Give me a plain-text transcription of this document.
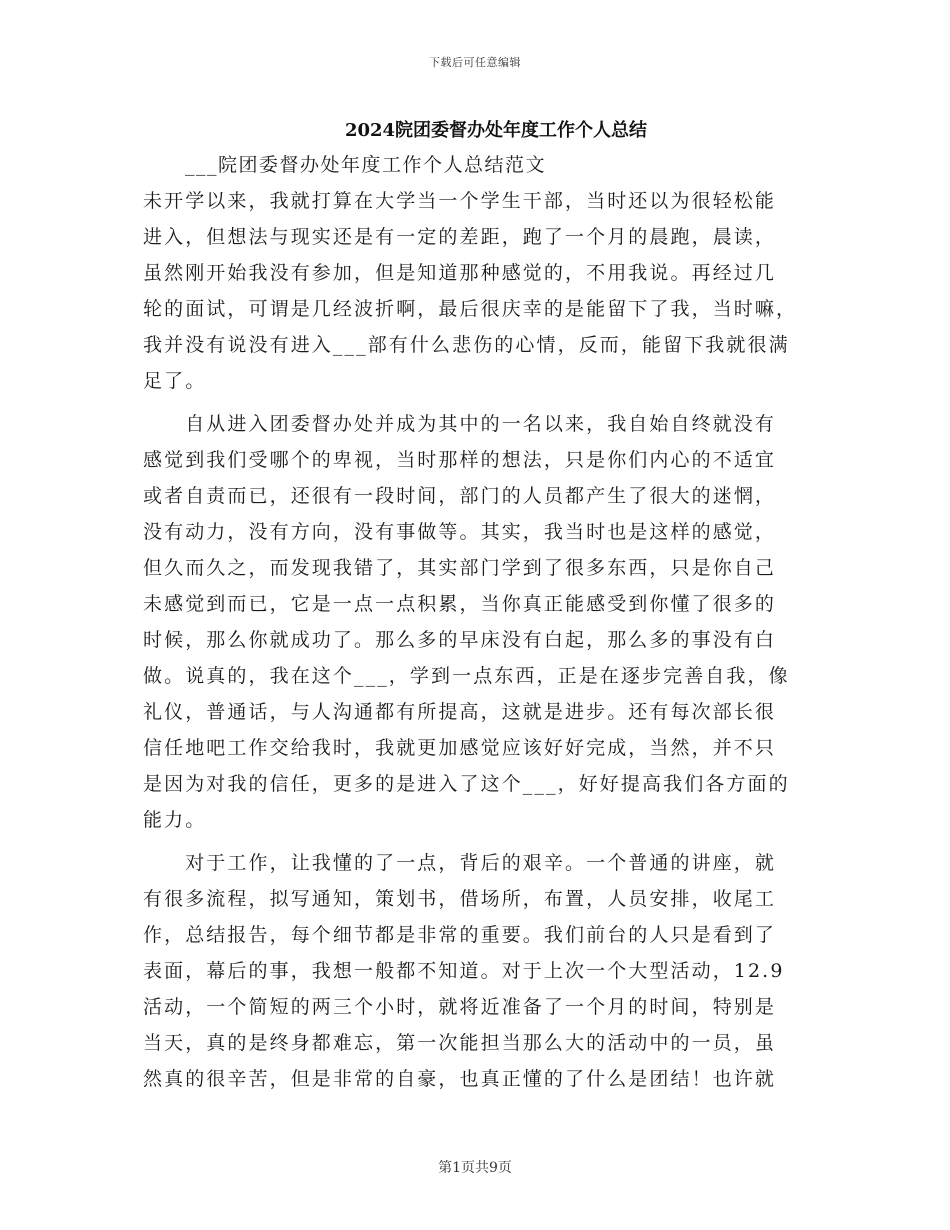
下载后可任意编辑
2024院团委督办处年度工作个人总结
___院团委督办处年度工作个人总结范文
未开学以来，我就打算在大学当一个学生干部，当时还以为很轻松能
进入，但想法与现实还是有一定的差距，跑了一个月的晨跑，晨读，
虽然刚开始我没有参加，但是知道那种感觉的，不用我说。再经过几
轮的面试，可谓是几经波折啊，最后很庆幸的是能留下了我，当时嘛，
我并没有说没有进入___部有什么悲伤的心情，反而，能留下我就很满
足了。
　　自从进入团委督办处并成为其中的一名以来，我自始自终就没有
感觉到我们受哪个的卑视，当时那样的想法，只是你们内心的不适宜
或者自责而已，还很有一段时间，部门的人员都产生了很大的迷惘，
没有动力，没有方向，没有事做等。其实，我当时也是这样的感觉，
但久而久之，而发现我错了，其实部门学到了很多东西，只是你自己
未感觉到而已，它是一点一点积累，当你真正能感受到你懂了很多的
时候，那么你就成功了。那么多的早床没有白起，那么多的事没有白
做。说真的，我在这个___，学到一点东西，正是在逐步完善自我，像
礼仪，普通话，与人沟通都有所提高，这就是进步。还有每次部长很
信任地吧工作交给我时，我就更加感觉应该好好完成，当然，并不只
是因为对我的信任，更多的是进入了这个___，好好提高我们各方面的
能力。
　　对于工作，让我懂的了一点，背后的艰辛。一个普通的讲座，就
有很多流程，拟写通知，策划书，借场所，布置，人员安排，收尾工
作，总结报告，每个细节都是非常的重要。我们前台的人只是看到了
表面，幕后的事，我想一般都不知道。对于上次一个大型活动，12.9
活动，一个简短的两三个小时，就将近准备了一个月的时间，特别是
当天，真的是终身都难忘，第一次能担当那么大的活动中的一员，虽
然真的很辛苦，但是非常的自豪，也真正懂的了什么是团结！也许就
第1页共9页
